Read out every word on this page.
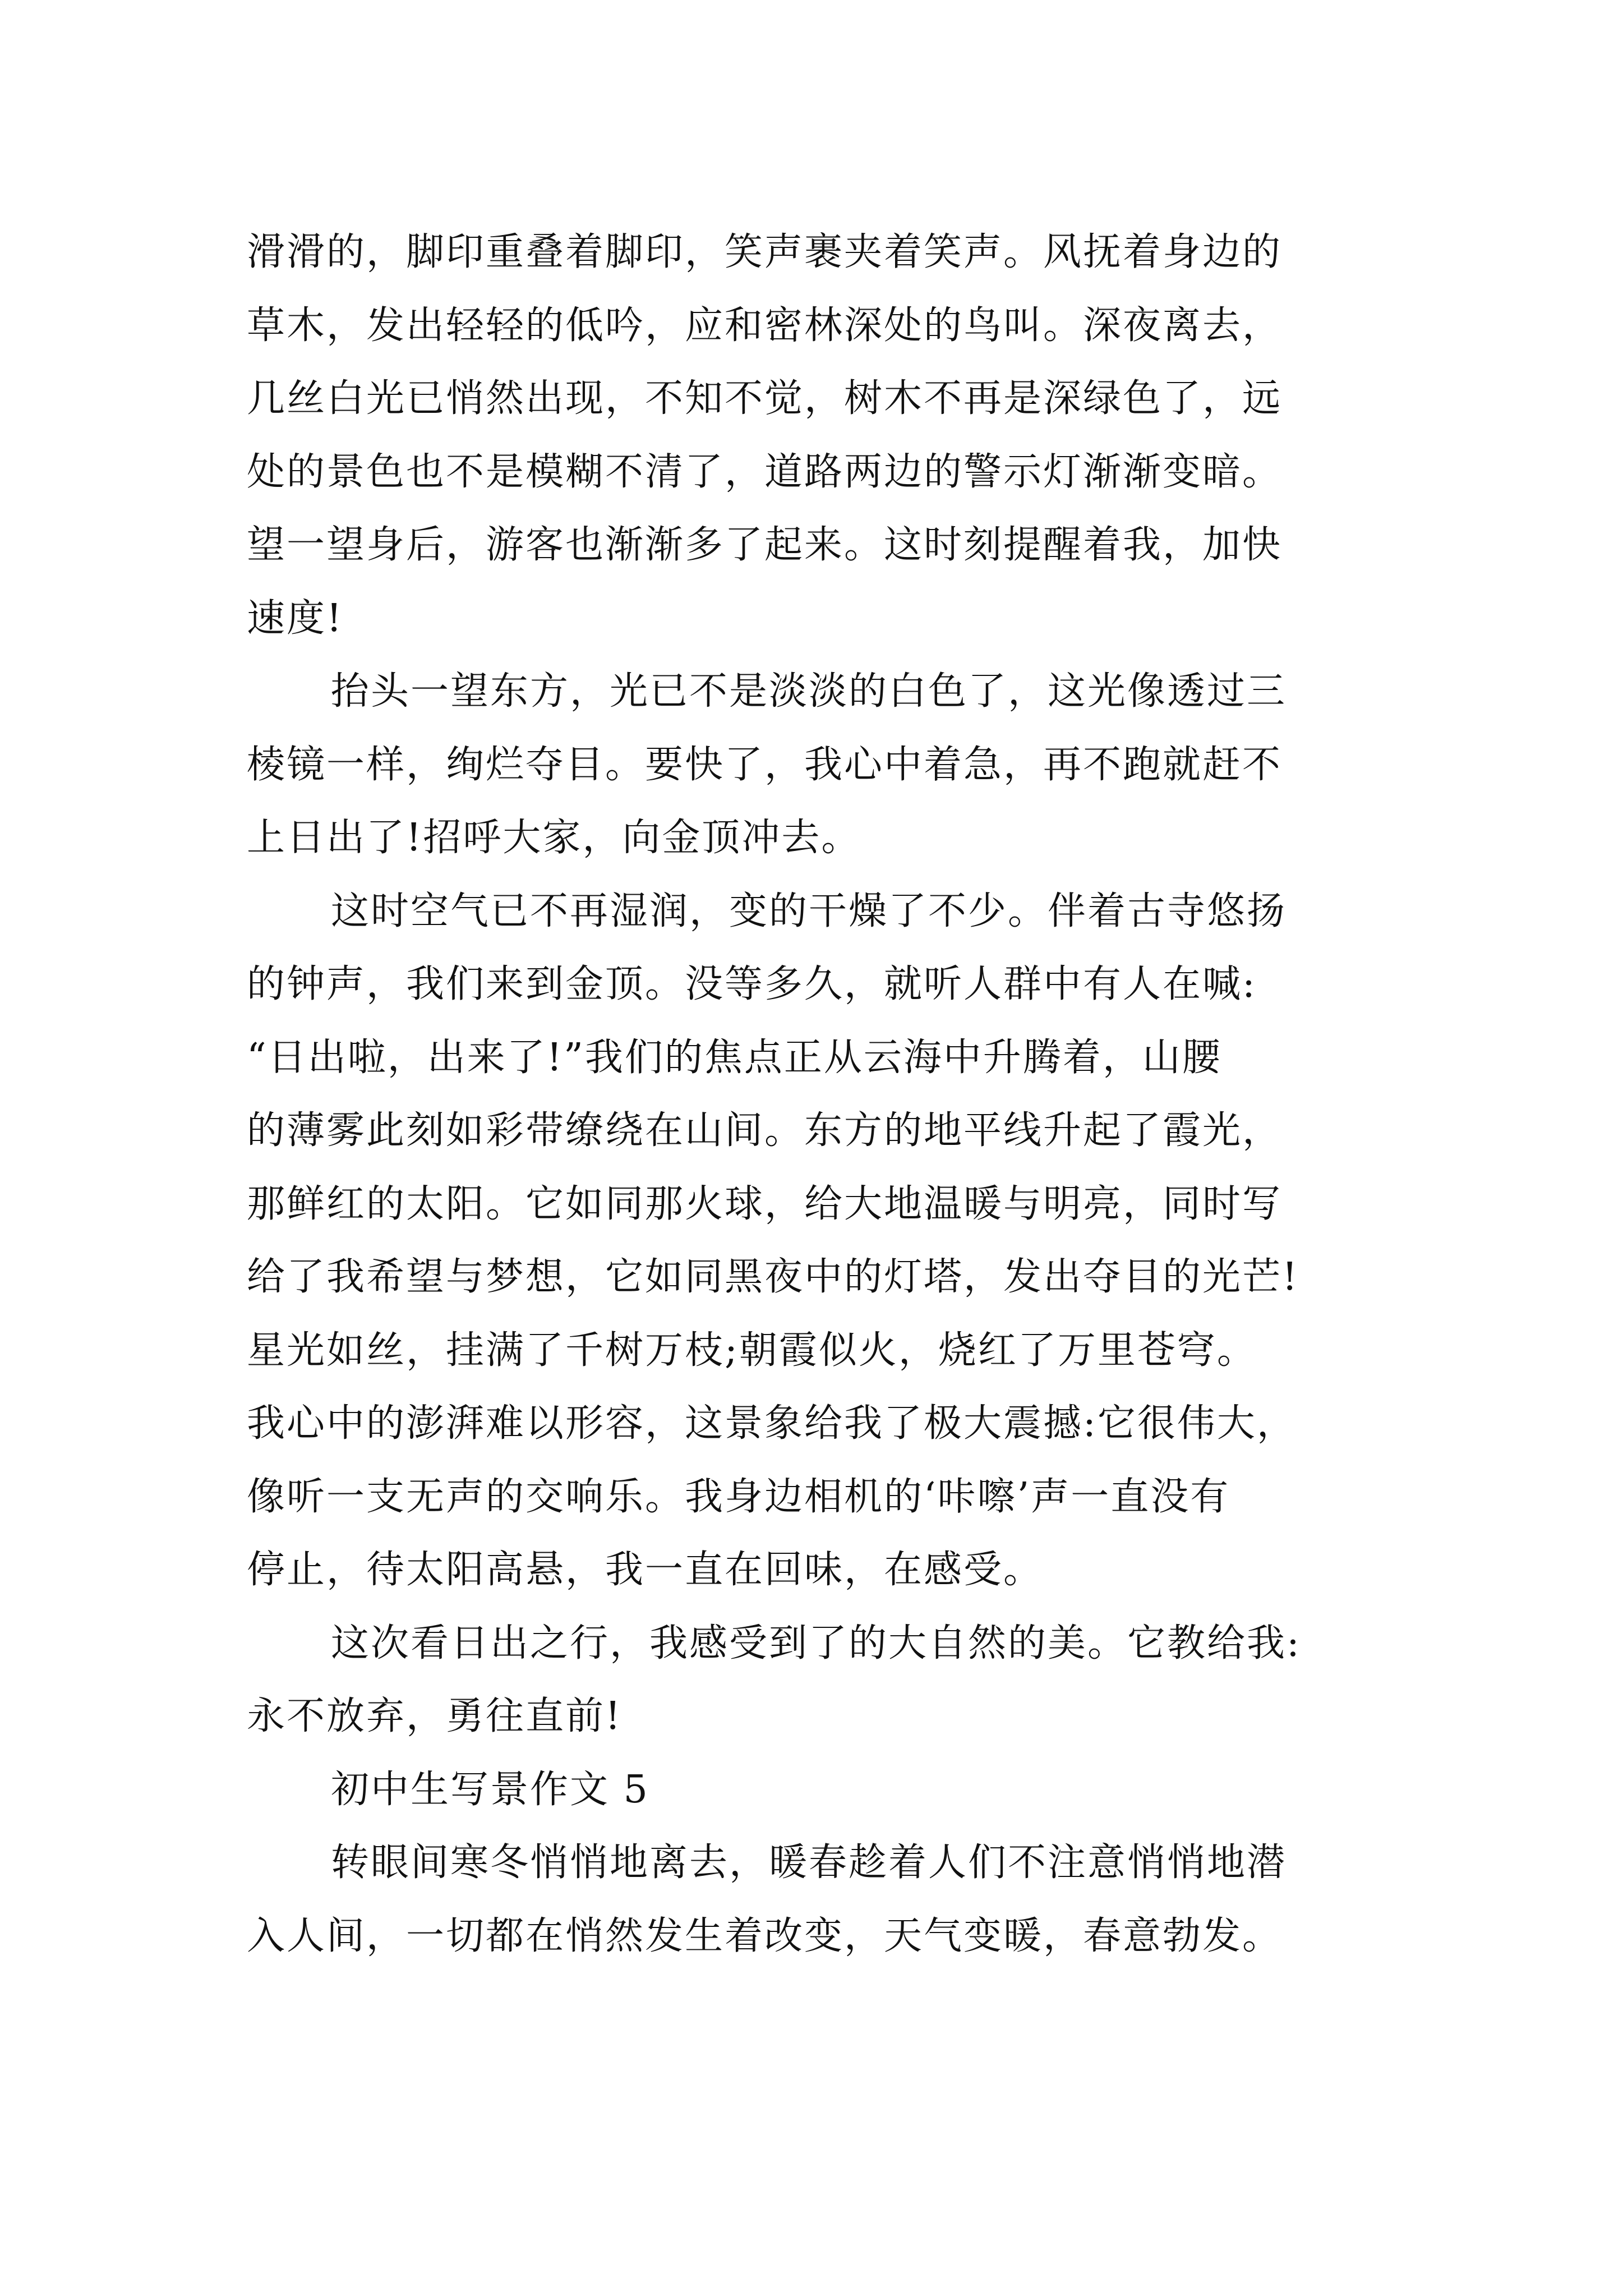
滑滑的，脚印重叠着脚印，笑声裹夹着笑声。风抚着身边的
草木，发出轻轻的低吟，应和密林深处的鸟叫。深夜离去，
几丝白光已悄然出现，不知不觉，树木不再是深绿色了，远
处的景色也不是模糊不清了，道路两边的警示灯渐渐变暗。
望一望身后，游客也渐渐多了起来。这时刻提醒着我，加快
速度!
抬头一望东方，光已不是淡淡的白色了，这光像透过三
棱镜一样，绚烂夺目。要快了，我心中着急，再不跑就赶不
上日出了!招呼大家，向金顶冲去。
这时空气已不再湿润，变的干燥了不少。伴着古寺悠扬
的钟声，我们来到金顶。没等多久，就听人群中有人在喊:
“日出啦，出来了!”我们的焦点正从云海中升腾着，山腰
的薄雾此刻如彩带缭绕在山间。东方的地平线升起了霞光，
那鲜红的太阳。它如同那火球，给大地温暖与明亮，同时写
给了我希望与梦想，它如同黑夜中的灯塔，发出夺目的光芒!
星光如丝，挂满了千树万枝;朝霞似火，烧红了万里苍穹。
我心中的澎湃难以形容，这景象给我了极大震撼:它很伟大，
像听一支无声的交响乐。我身边相机的‘咔嚓’声一直没有
停止，待太阳高悬，我一直在回味，在感受。
这次看日出之行，我感受到了的大自然的美。它教给我:
永不放弃，勇往直前!
初中生写景作文 5
转眼间寒冬悄悄地离去，暖春趁着人们不注意悄悄地潜
入人间，一切都在悄然发生着改变，天气变暖，春意勃发。
